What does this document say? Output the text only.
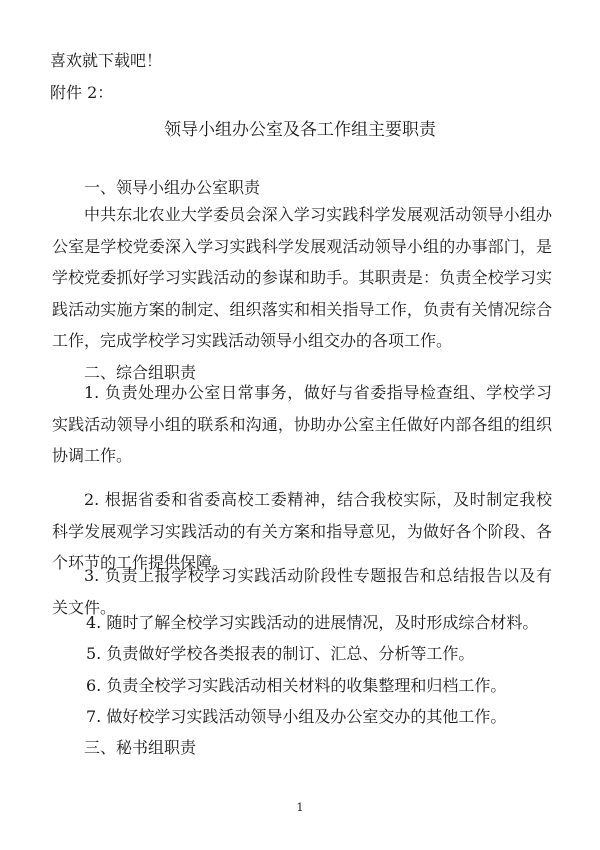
喜欢就下载吧！
附件 2：
领导小组办公室及各工作组主要职责
一、领导小组办公室职责
中共东北农业大学委员会深入学习实践科学发展观活动领导小组办公室是学校党委深入学习实践科学发展观活动领导小组的办事部门，是学校党委抓好学习实践活动的参谋和助手。其职责是：负责全校学习实践活动实施方案的制定、组织落实和相关指导工作，负责有关情况综合工作，完成学校学习实践活动领导小组交办的各项工作。
二、综合组职责
1. 负责处理办公室日常事务，做好与省委指导检查组、学校学习实践活动领导小组的联系和沟通，协助办公室主任做好内部各组的组织协调工作。
2. 根据省委和省委高校工委精神，结合我校实际，及时制定我校科学发展观学习实践活动的有关方案和指导意见，为做好各个阶段、各个环节的工作提供保障。
3. 负责上报学校学习实践活动阶段性专题报告和总结报告以及有关文件。
4. 随时了解全校学习实践活动的进展情况，及时形成综合材料。
5. 负责做好学校各类报表的制订、汇总、分析等工作。
6. 负责全校学习实践活动相关材料的收集整理和归档工作。
7. 做好校学习实践活动领导小组及办公室交办的其他工作。
三、秘书组职责
1
